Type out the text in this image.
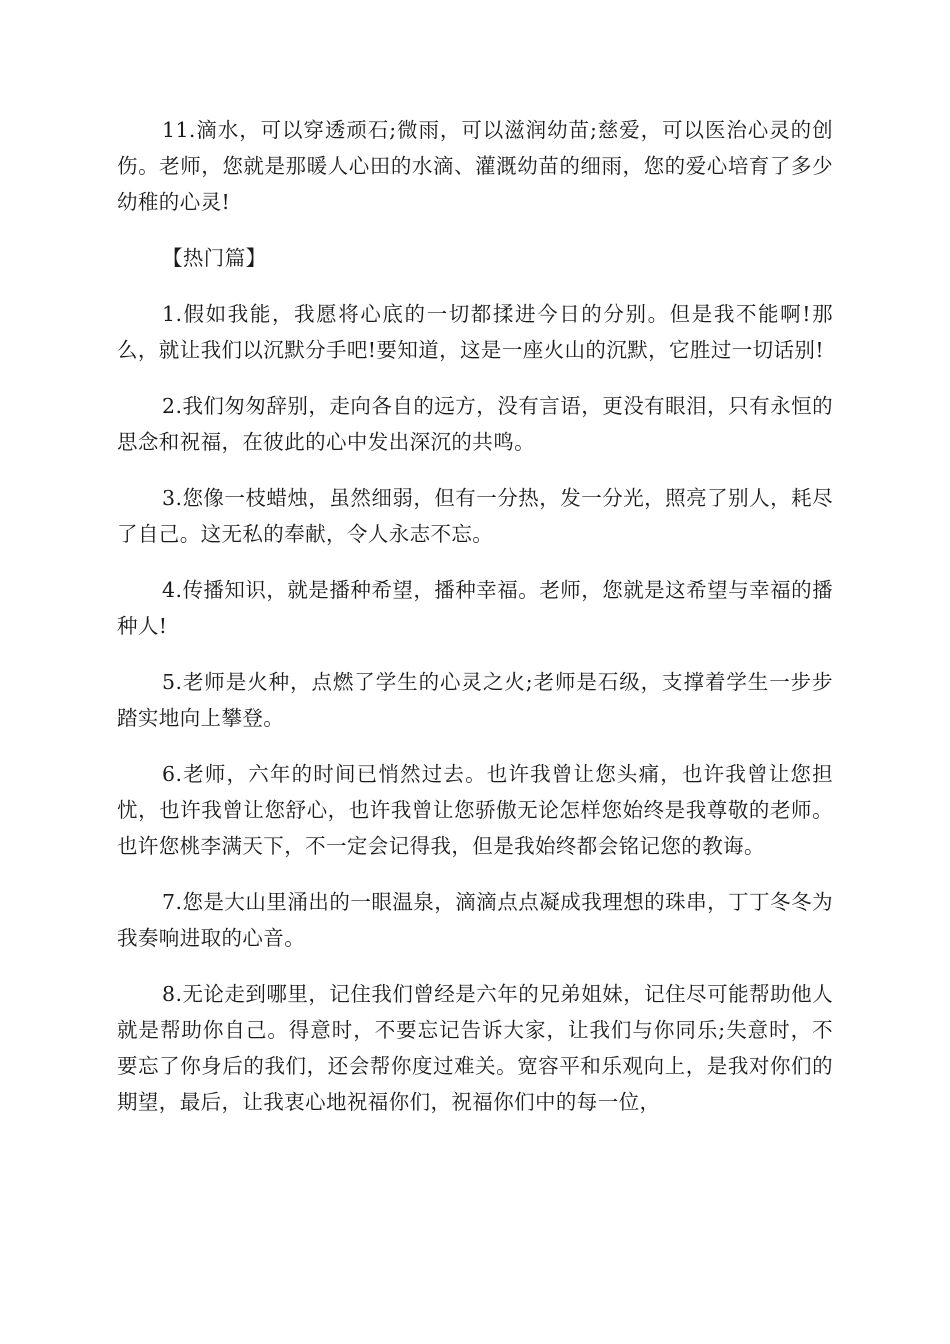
11.滴水，可以穿透顽石;微雨，可以滋润幼苗;慈爱，可以医治心灵的创伤。老师，您就是那暖人心田的水滴、灌溉幼苗的细雨，您的爱心培育了多少幼稚的心灵!

【热门篇】

1.假如我能，我愿将心底的一切都揉进今日的分别。但是我不能啊!那么，就让我们以沉默分手吧!要知道，这是一座火山的沉默，它胜过一切话别!

2.我们匆匆辞别，走向各自的远方，没有言语，更没有眼泪，只有永恒的思念和祝福，在彼此的心中发出深沉的共鸣。

3.您像一枝蜡烛，虽然细弱，但有一分热，发一分光，照亮了别人，耗尽了自己。这无私的奉献，令人永志不忘。

4.传播知识，就是播种希望，播种幸福。老师，您就是这希望与幸福的播种人!

5.老师是火种，点燃了学生的心灵之火;老师是石级，支撑着学生一步步踏实地向上攀登。

6.老师，六年的时间已悄然过去。也许我曾让您头痛，也许我曾让您担忧，也许我曾让您舒心，也许我曾让您骄傲无论怎样您始终是我尊敬的老师。也许您桃李满天下，不一定会记得我，但是我始终都会铭记您的教诲。

7.您是大山里涌出的一眼温泉，滴滴点点凝成我理想的珠串，丁丁冬冬为我奏响进取的心音。

8.无论走到哪里，记住我们曾经是六年的兄弟姐妹，记住尽可能帮助他人就是帮助你自己。得意时，不要忘记告诉大家，让我们与你同乐;失意时，不要忘了你身后的我们，还会帮你度过难关。宽容平和乐观向上，是我对你们的期望，最后，让我衷心地祝福你们，祝福你们中的每一位，
